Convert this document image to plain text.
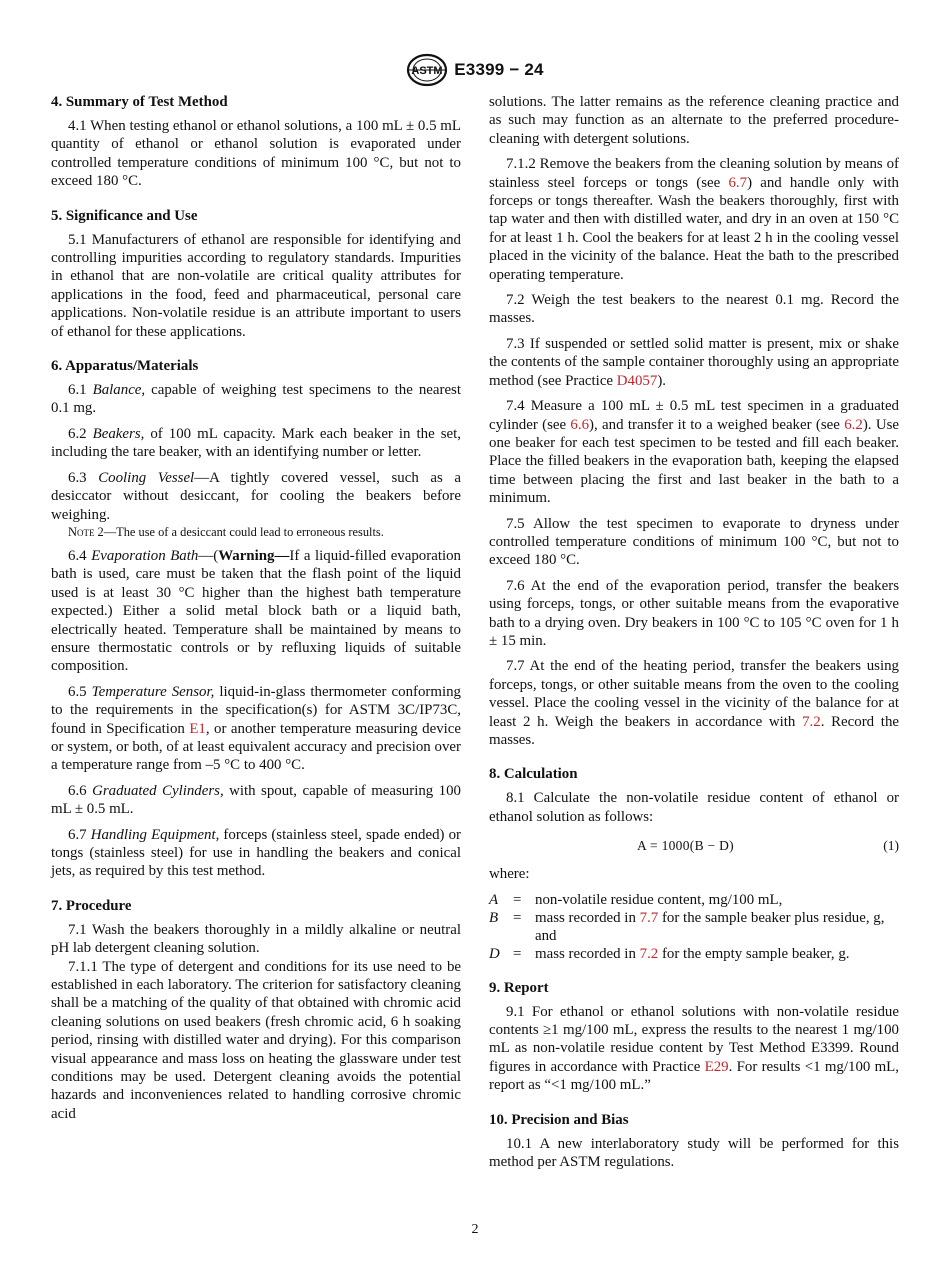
ASTM E3399 − 24
4. Summary of Test Method

4.1 When testing ethanol or ethanol solutions, a 100 mL ± 0.5 mL quantity of ethanol or ethanol solution is evaporated under controlled temperature conditions of minimum 100 °C, but not to exceed 180 °C.

5. Significance and Use

5.1 Manufacturers of ethanol are responsible for identifying and controlling impurities according to regulatory standards. Impurities in ethanol that are non-volatile are critical quality attributes for applications in the food, feed and pharmaceutical, personal care applications. Non-volatile residue is an attribute important to users of ethanol for these applications.

6. Apparatus/Materials

6.1 Balance, capable of weighing test specimens to the nearest 0.1 mg.

6.2 Beakers, of 100 mL capacity. Mark each beaker in the set, including the tare beaker, with an identifying number or letter.

6.3 Cooling Vessel—A tightly covered vessel, such as a desiccator without desiccant, for cooling the beakers before weighing.

Note 2—The use of a desiccant could lead to erroneous results.

6.4 Evaporation Bath—(Warning—If a liquid-filled evaporation bath is used, care must be taken that the flash point of the liquid used is at least 30 °C higher than the highest bath temperature expected.) Either a solid metal block bath or a liquid bath, electrically heated. Temperature shall be maintained by means to ensure thermostatic controls or by refluxing liquids of suitable composition.

6.5 Temperature Sensor, liquid-in-glass thermometer conforming to the requirements in the specification(s) for ASTM 3C/IP73C, found in Specification E1, or another temperature measuring device or system, or both, of at least equivalent accuracy and precision over a temperature range from –5 °C to 400 °C.

6.6 Graduated Cylinders, with spout, capable of measuring 100 mL ± 0.5 mL.

6.7 Handling Equipment, forceps (stainless steel, spade ended) or tongs (stainless steel) for use in handling the beakers and conical jets, as required by this test method.

7. Procedure

7.1 Wash the beakers thoroughly in a mildly alkaline or neutral pH lab detergent cleaning solution.

7.1.1 The type of detergent and conditions for its use need to be established in each laboratory. The criterion for satisfactory cleaning shall be a matching of the quality of that obtained with chromic acid cleaning solutions on used beakers (fresh chromic acid, 6 h soaking period, rinsing with distilled water and drying). For this comparison visual appearance and mass loss on heating the glassware under test conditions may be used. Detergent cleaning avoids the potential hazards and inconveniences related to handling corrosive chromic acid

solutions. The latter remains as the reference cleaning practice and as such may function as an alternate to the preferred procedure-cleaning with detergent solutions.

7.1.2 Remove the beakers from the cleaning solution by means of stainless steel forceps or tongs (see 6.7) and handle only with forceps or tongs thereafter. Wash the beakers thoroughly, first with tap water and then with distilled water, and dry in an oven at 150 °C for at least 1 h. Cool the beakers for at least 2 h in the cooling vessel placed in the vicinity of the balance. Heat the bath to the prescribed operating temperature.

7.2 Weigh the test beakers to the nearest 0.1 mg. Record the masses.

7.3 If suspended or settled solid matter is present, mix or shake the contents of the sample container thoroughly using an appropriate method (see Practice D4057).

7.4 Measure a 100 mL ± 0.5 mL test specimen in a graduated cylinder (see 6.6), and transfer it to a weighed beaker (see 6.2). Use one beaker for each test specimen to be tested and fill each beaker. Place the filled beakers in the evaporation bath, keeping the elapsed time between placing the first and last beaker in the bath to a minimum.

7.5 Allow the test specimen to evaporate to dryness under controlled temperature conditions of minimum 100 °C, but not to exceed 180 °C.

7.6 At the end of the evaporation period, transfer the beakers using forceps, tongs, or other suitable means from the evaporative bath to a drying oven. Dry beakers in 100 °C to 105 °C oven for 1 h ± 15 min.

7.7 At the end of the heating period, transfer the beakers using forceps, tongs, or other suitable means from the oven to the cooling vessel. Place the cooling vessel in the vicinity of the balance for at least 2 h. Weigh the beakers in accordance with 7.2. Record the masses.

8. Calculation

8.1 Calculate the non-volatile residue content of ethanol or ethanol solution as follows:

A = 1000(B − D)	(1)

where:

A = non-volatile residue content, mg/100 mL,
B = mass recorded in 7.7 for the sample beaker plus residue, g, and
D = mass recorded in 7.2 for the empty sample beaker, g.
9. Report

9.1 For ethanol or ethanol solutions with non-volatile residue contents ≥1 mg/100 mL, express the results to the nearest 1 mg/100 mL as non-volatile residue content by Test Method E3399. Round figures in accordance with Practice E29. For results <1 mg/100 mL, report as “<1 mg/100 mL.”

10. Precision and Bias

10.1 A new interlaboratory study will be performed for this method per ASTM regulations.

2
